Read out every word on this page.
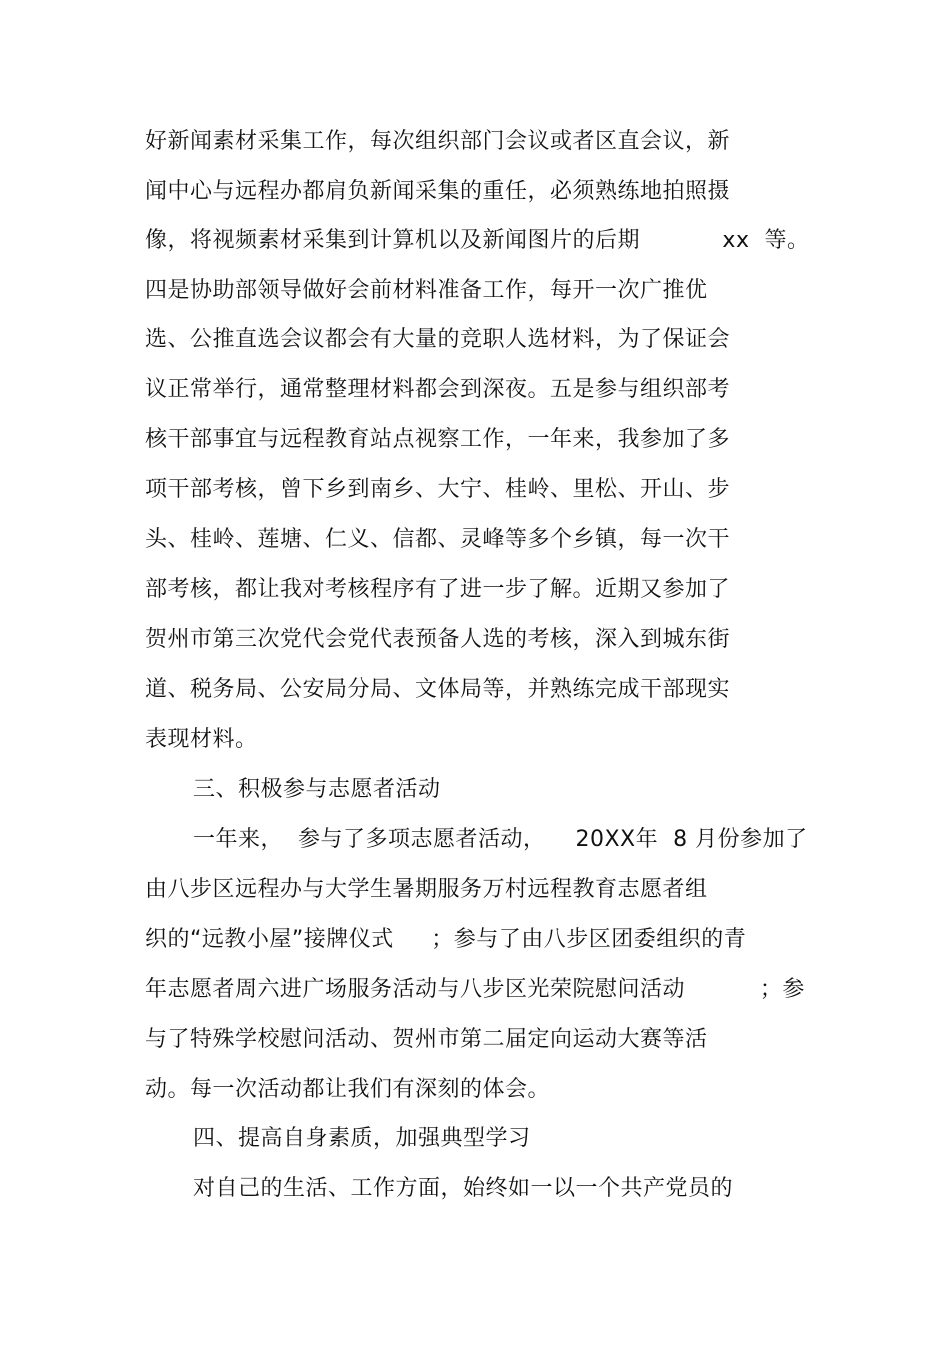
好新闻素材采集工作，每次组织部门会议或者区直会议，新
闻中心与远程办都肩负新闻采集的重任，必须熟练地拍照摄
像，将视频素材采集到计算机以及新闻图片的后期           xx  等。
四是协助部领导做好会前材料准备工作，每开一次广推优
选、公推直选会议都会有大量的竞职人选材料，为了保证会
议正常举行，通常整理材料都会到深夜。五是参与组织部考
核干部事宜与远程教育站点视察工作，一年来，我参加了多
项干部考核，曾下乡到南乡、大宁、桂岭、里松、开山、步
头、桂岭、莲塘、仁义、信都、灵峰等多个乡镇，每一次干
部考核，都让我对考核程序有了进一步了解。近期又参加了
贺州市第三次党代会党代表预备人选的考核，深入到城东街
道、税务局、公安局分局、文体局等，并熟练完成干部现实
表现材料。
三、积极参与志愿者活动
一年来，  参与了多项志愿者活动，    20XX年  8 月份参加了
由八步区远程办与大学生暑期服务万村远程教育志愿者组
织的“远教小屋”接牌仪式     ；参与了由八步区团委组织的青
年志愿者周六进广场服务活动与八步区光荣院慰问活动          ；参
与了特殊学校慰问活动、贺州市第二届定向运动大赛等活
动。每一次活动都让我们有深刻的体会。
四、提高自身素质，加强典型学习
对自己的生活、工作方面，始终如一以一个共产党员的
